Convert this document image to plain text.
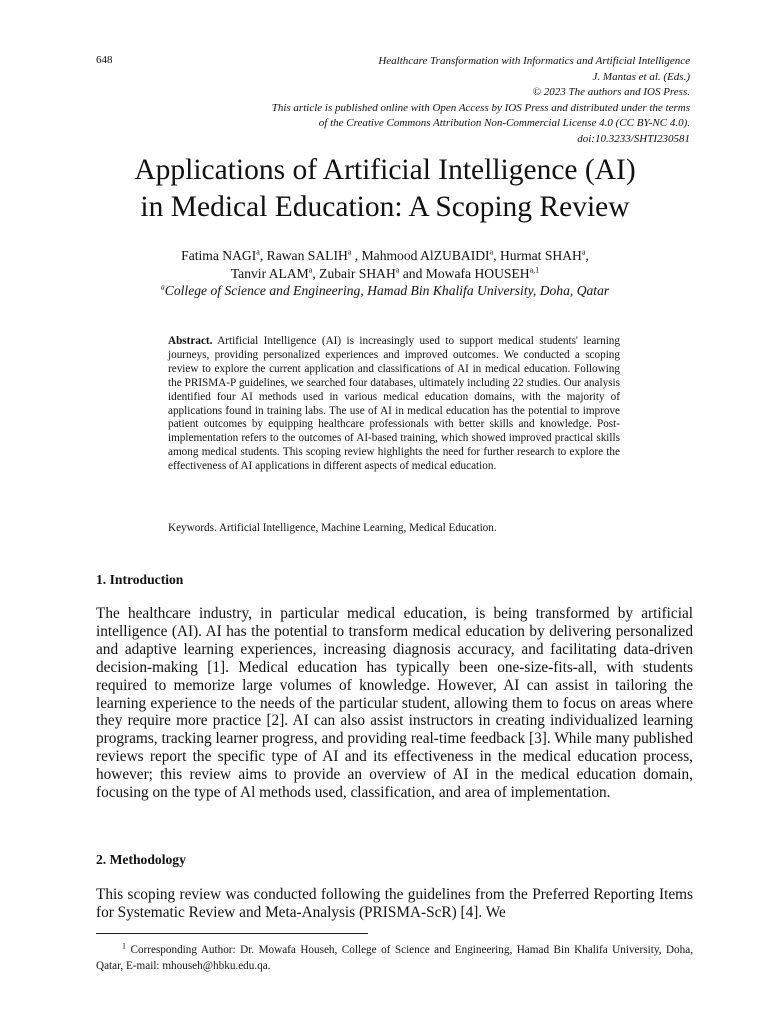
648	Healthcare Transformation with Informatics and Artificial Intelligence
J. Mantas et al. (Eds.)
© 2023 The authors and IOS Press.
This article is published online with Open Access by IOS Press and distributed under the terms
of the Creative Commons Attribution Non-Commercial License 4.0 (CC BY-NC 4.0).
doi:10.3233/SHTI230581
Applications of Artificial Intelligence (AI)
in Medical Education: A Scoping Review
Fatima NAGI$^a$, Rawan SALIH$^a$ , Mahmood AlZUBAIDI$^a$, Hurmat SHAH$^a$,
Tanvir ALAM$^a$, Zubair SHAH$^a$ and Mowafa HOUSEH$^{a,1}$
$^a$College of Science and Engineering, Hamad Bin Khalifa University, Doha, Qatar

Abstract. Artificial Intelligence (AI) is increasingly used to support medical students' learning journeys, providing personalized experiences and improved outcomes. We conducted a scoping review to explore the current application and classifications of AI in medical education. Following the PRISMA-P guidelines, we searched four databases, ultimately including 22 studies. Our analysis identified four AI methods used in various medical education domains, with the majority of applications found in training labs. The use of AI in medical education has the potential to improve patient outcomes by equipping healthcare professionals with better skills and knowledge. Post-implementation refers to the outcomes of AI-based training, which showed improved practical skills among medical students. This scoping review highlights the need for further research to explore the effectiveness of AI applications in different aspects of medical education.

Keywords. Artificial Intelligence, Machine Learning, Medical Education.
1. Introduction

The healthcare industry, in particular medical education, is being transformed by artificial intelligence (AI). AI has the potential to transform medical education by delivering personalized and adaptive learning experiences, increasing diagnosis accuracy, and facilitating data-driven decision-making [1]. Medical education has typically been one-size-fits-all, with students required to memorize large volumes of knowledge. However, AI can assist in tailoring the learning experience to the needs of the particular student, allowing them to focus on areas where they require more practice [2]. AI can also assist instructors in creating individualized learning programs, tracking learner progress, and providing real-time feedback [3]. While many published reviews report the specific type of AI and its effectiveness in the medical education process, however; this review aims to provide an overview of AI in the medical education domain, focusing on the type of Al methods used, classification, and area of implementation.

2. Methodology

This scoping review was conducted following the guidelines from the Preferred Reporting Items for Systematic Review and Meta-Analysis (PRISMA-ScR) [4]. We

$^1$ Corresponding Author: Dr. Mowafa Househ, College of Science and Engineering, Hamad Bin Khalifa University, Doha, Qatar, E-mail: mhouseh@hbku.edu.qa.
